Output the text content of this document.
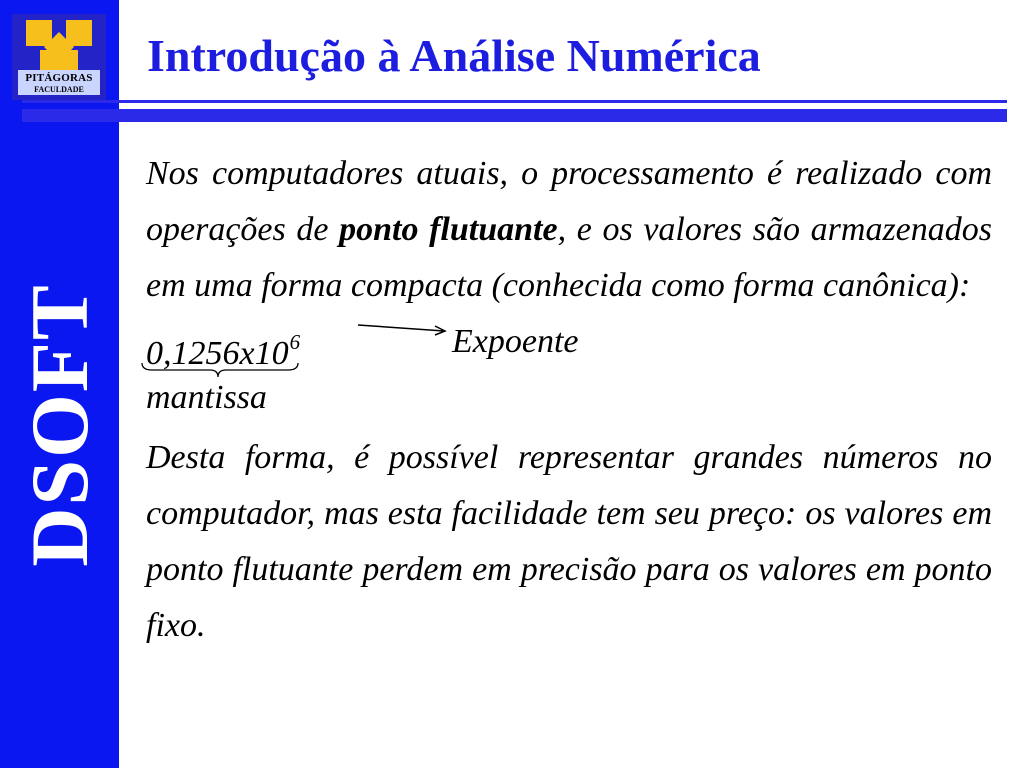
PITÁGORAS
FACULDADE
DSOFT
Introdução à Análise Numérica

Nos computadores atuais, o processamento é realizado com operações de ponto flutuante, e os valores são armazenados em uma forma compacta (conhecida como forma canônica):

$0,1256x10^6$	Expoente
mantissa

Desta forma, é possível representar grandes números no computador, mas esta facilidade tem seu preço: os valores em ponto flutuante perdem em precisão para os valores em ponto fixo.
